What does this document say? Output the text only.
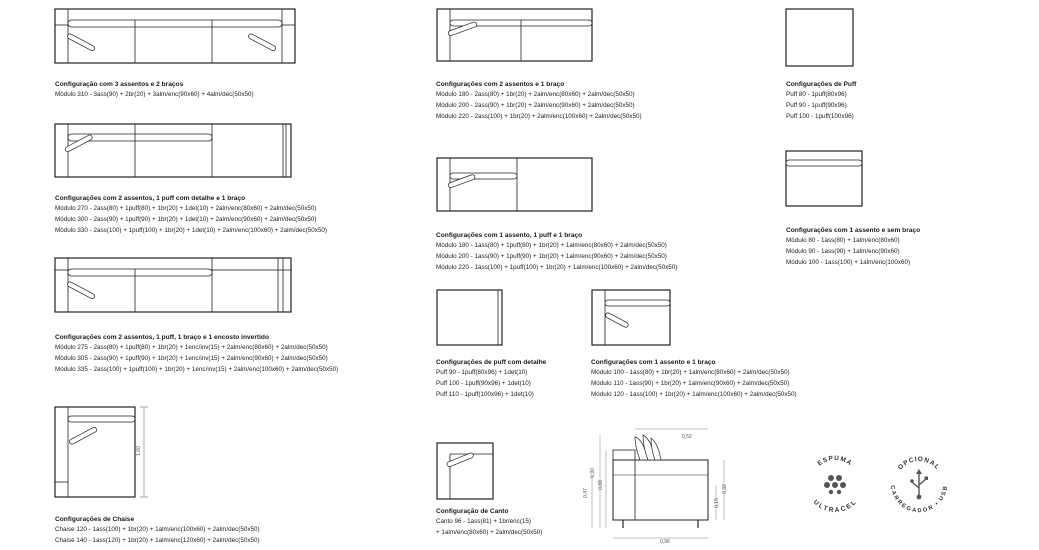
1,60
0,52
0,90
0,88
0,47
0,15
0,32
0,96
Configuração com 3 assentos e 2 braços
Módulo 310 - 3ass(90) + 2br(20) + 3alm/enc(90x60) + 4alm/dec(50x50)
Configurações com 2 assentos, 1 puff com detalhe e 1 braço
Módulo 270 - 2ass(80) + 1puff(80) + 1br(20) + 1det(10) + 2alm/enc(80x60) + 2alm/dec(50x50)
Módulo 300 - 2ass(90) + 1puff(90) + 1br(20) + 1det(10) + 2alm/enc(90x60) + 2alm/dec(50x50)
Módulo 330 - 2ass(100) + 1puff(100) + 1br(20) + 1det(10) + 2alm/enc(100x60) + 2alm/dec(50x50)
Configurações com 2 assentos, 1 puff, 1 braço e 1 encosto invertido
Módulo 275 - 2ass(80) + 1puff(80) + 1br(20) + 1enc/inv(15) + 2alm/enc(80x60) + 2alm/dec(50x50)
Módulo 305 - 2ass(90) + 1puff(90) + 1br(20) + 1enc/inv(15) + 2alm/enc(90x60) + 2alm/dec(50x50)
Módulo 335 - 2ass(100) + 1puff(100) + 1br(20) + 1enc/inv(15) + 2alm/enc(100x60) + 2alm/dec(50x50)
Configurações de Chaise
Chaise 120 - 1ass(100) + 1br(20) + 1alm/enc(100x60) + 2alm/dec(50x50)
Chaise 140 - 1ass(120) + 1br(20) + 1alm/enc(120x60) + 2alm/dec(50x50)
Configurações com 2 assentos e 1 braço
Módulo 180 - 2ass(80) + 1br(20) + 2alm/enc(80x60) + 2alm/dec(50x50)
Módulo 200 - 2ass(90) + 1br(20) + 2alm/enc(90x60) + 2alm/dec(50x50)
Módulo 220 - 2ass(100) + 1br(20) + 2alm/enc(100x60) + 2alm/dec(50x50)
Configurações com 1 assento, 1 puff e 1 braço
Módulo 180 - 1ass(80) + 1puff(80) + 1br(20) + 1alm/enc(80x60) + 2alm/dec(50x50)
Módulo 200 - 1ass(90) + 1puff(90) + 1br(20) + 1alm/enc(90x60) + 2alm/dec(50x50)
Módulo 220 - 1ass(100) + 1puff(100) + 1br(20) + 1alm/enc(100x60) + 2alm/dec(50x50)
Configurações de puff com detalhe
Puff 90 - 1puff(80x96) + 1det(10)
Puff 100 - 1puff(90x96) + 1det(10)
Puff 110 - 1puff(100x96) + 1det(10)
Configurações com 1 assento e 1 braço
Módulo 100 - 1ass(80) + 1br(20) + 1alm/enc(80x60) + 2alm/dec(50x50)
Módulo 110 - 1ass(90) + 1br(20) + 1alm/enc(90x60) + 2alm/dec(50x50)
Módulo 120 - 1ass(100) + 1br(20) + 1alm/enc(100x60) + 2alm/dec(50x50)
Configuração de Canto
Canto 96 - 1ass(81) + 1br/enc(15)
+ 1alm/enc(80x60) + 2alm/dec(50x50)
Configurações de Puff
Puff 80 - 1puff(80x96)
Puff 90 - 1puff(90x96)
Puff 100 - 1puff(100x96)
Configurações com 1 assento e sem braço
Módulo 80 - 1ass(80) + 1alm/enc(80x60)
Módulo 90 - 1ass(90) + 1alm/enc(90x60)
Módulo 100 - 1ass(100) + 1alm/enc(100x60)
ESPUMA
ULTRACEL
OPCIONAL
CARREGADOR • USB
